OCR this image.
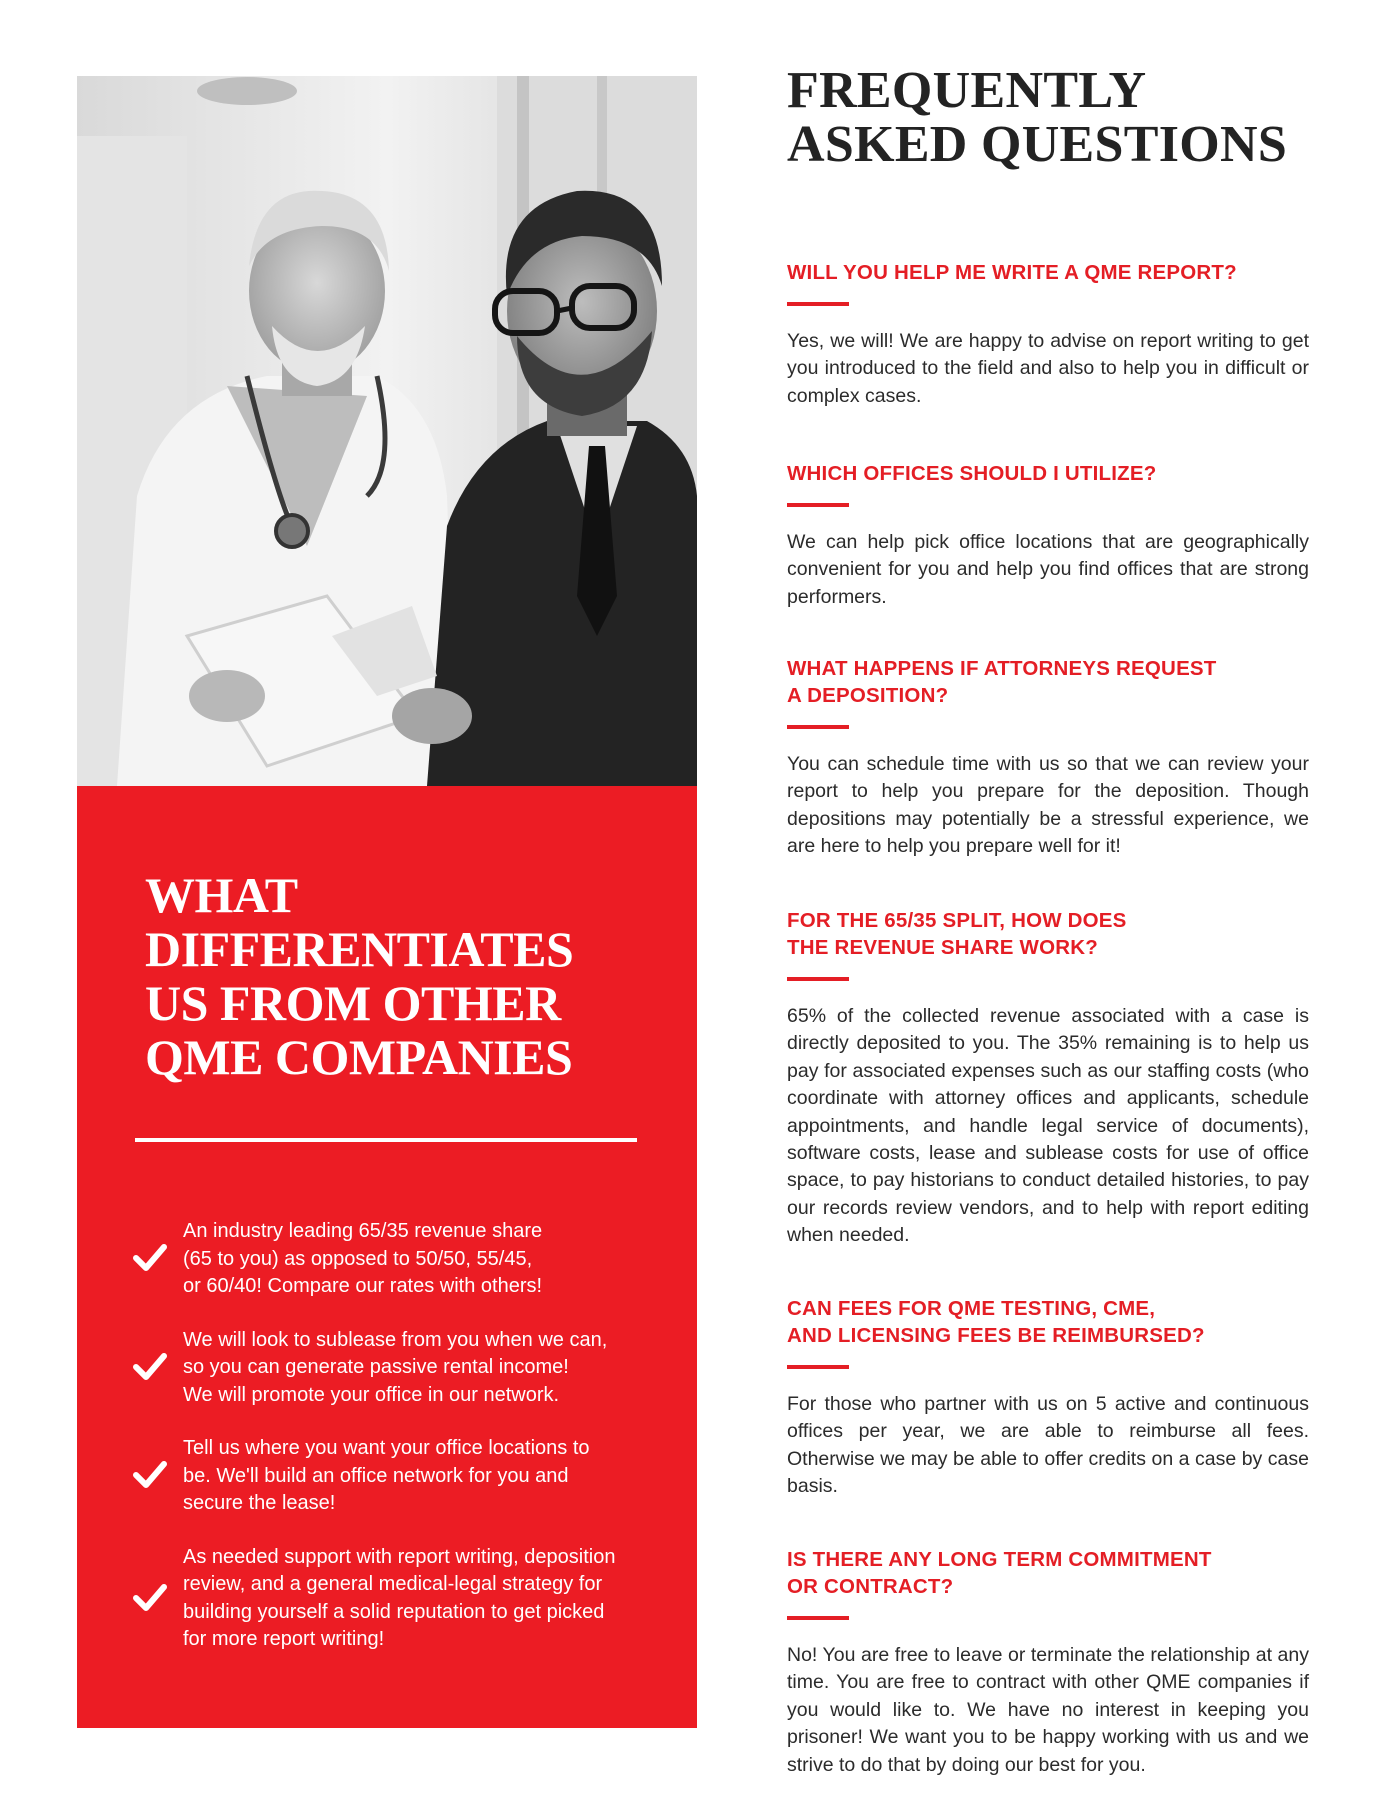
WHAT
DIFFERENTIATES
US FROM OTHER
QME COMPANIES
An industry leading 65/35 revenue share
(65 to you) as opposed to 50/50, 55/45,
or 60/40! Compare our rates with others!
We will look to sublease from you when we can,
so you can generate passive rental income!
We will promote your office in our network.
Tell us where you want your office locations to
be. We'll build an office network for you and
secure the lease!
As needed support with report writing, deposition
review, and a general medical-legal strategy for
building yourself a solid reputation to get picked
for more report writing!
FREQUENTLY
ASKED QUESTIONS
WILL YOU HELP ME WRITE A QME REPORT?

Yes, we will! We are happy to advise on report writing to get you introduced to the field and also to help you in difficult or complex cases.

WHICH OFFICES SHOULD I UTILIZE?

We can help pick office locations that are geographically convenient for you and help you find offices that are strong performers.

WHAT HAPPENS IF ATTORNEYS REQUEST
A DEPOSITION?

You can schedule time with us so that we can review your report to help you prepare for the deposition. Though depositions may potentially be a stressful experience, we are here to help you prepare well for it!

FOR THE 65/35 SPLIT, HOW DOES
THE REVENUE SHARE WORK?

65% of the collected revenue associated with a case is directly deposited to you. The 35% remaining is to help us pay for associated expenses such as our staffing costs (who coordinate with attorney offices and applicants, schedule appointments, and handle legal service of documents), software costs, lease and sublease costs for use of office space, to pay historians to conduct detailed histories, to pay our records review vendors, and to help with report editing when needed.

CAN FEES FOR QME TESTING, CME,
AND LICENSING FEES BE REIMBURSED?

For those who partner with us on 5 active and continuous offices per year, we are able to reimburse all fees. Otherwise we may be able to offer credits on a case by case basis.

IS THERE ANY LONG TERM COMMITMENT
OR CONTRACT?

No! You are free to leave or terminate the relationship at any time. You are free to contract with other QME companies if you would like to. We have no interest in keeping you prisoner! We want you to be happy working with us and we strive to do that by doing our best for you.
